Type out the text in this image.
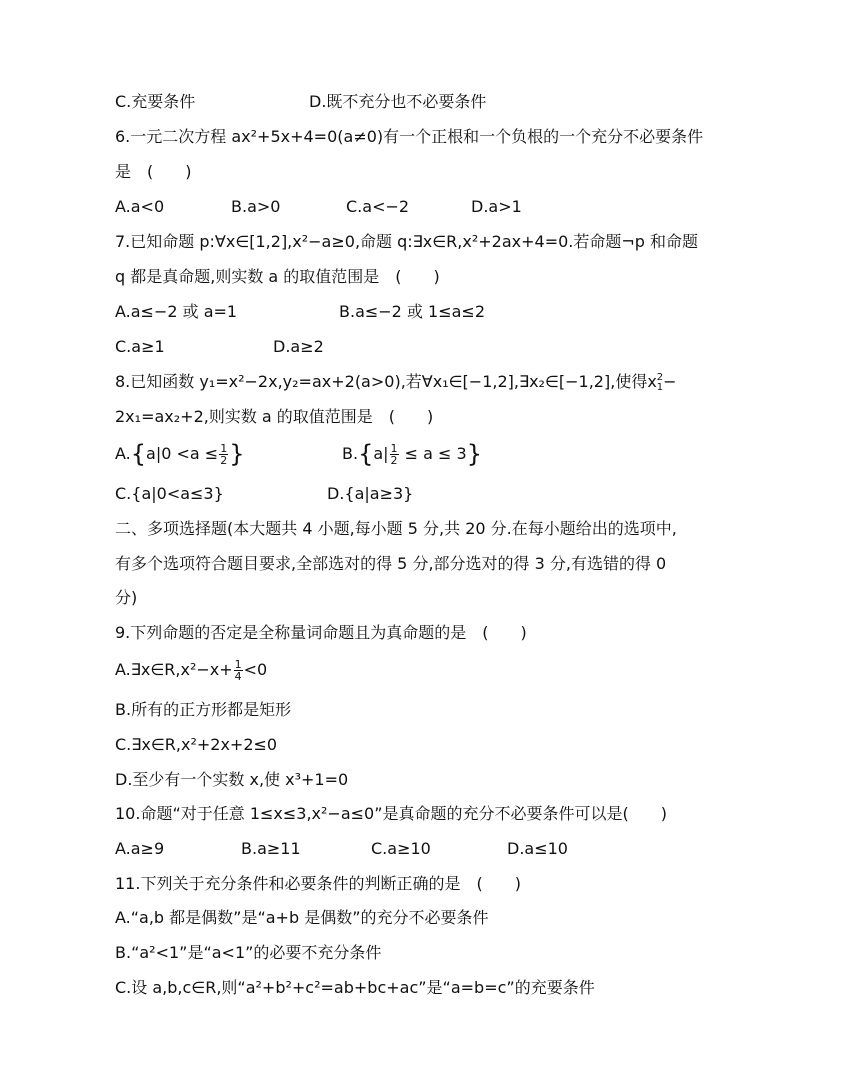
C.充要条件	D.既不充分也不必要条件
6.一元二次方程 ax²+5x+4=0(a≠0)有一个正根和一个负根的一个充分不必要条件
是　(　　)
A.a<0	B.a>0	C.a<−2	D.a>1
7.已知命题 p:∀x∈[1,2],x²−a≥0,命题 q:∃x∈R,x²+2ax+4=0.若命题¬p 和命题
q 都是真命题,则实数 a 的取值范围是　(　　)
A.a≤−2 或 a=1	B.a≤−2 或 1≤a≤2
C.a≥1	D.a≥2
8.已知函数 y₁=x²−2x,y₂=ax+2(a>0),若∀x₁∈[−1,2],∃x₂∈[−1,2],使得x 2
1 −
2x₁=ax₂+2,则实数 a 的取值范围是　(　　)
$A.\{a|0 <a \le \frac{1}{2}$ }	$B.\{a| \frac{1}{2} \le a \le 3\}$
C.{a|0<a≤3}	D.{a|a≥3}
二、多项选择题(本大题共 4 小题,每小题 5 分,共 20 分.在每小题给出的选项中,
有多个选项符合题目要求,全部选对的得 5 分,部分选对的得 3 分,有选错的得 0
分)
9.下列命题的否定是全称量词命题且为真命题的是　(　　)
A.∃x∈R,x²−x+ $\frac{1}{4} <0$
B.所有的正方形都是矩形
C.∃x∈R,x²+2x+2≤0
D.至少有一个实数 x,使 x³+1=0
10.命题“对于任意 1≤x≤3,x²−a≤0”是真命题的充分不必要条件可以是(　　)
A.a≥9	B.a≥11	C.a≥10	D.a≤10
11.下列关于充分条件和必要条件的判断正确的是　(　　)
A.“a,b 都是偶数”是“a+b 是偶数”的充分不必要条件
B.“a²<1”是“a<1”的必要不充分条件
C.设 a,b,c∈R,则“a²+b²+c²=ab+bc+ac”是“a=b=c”的充要条件
